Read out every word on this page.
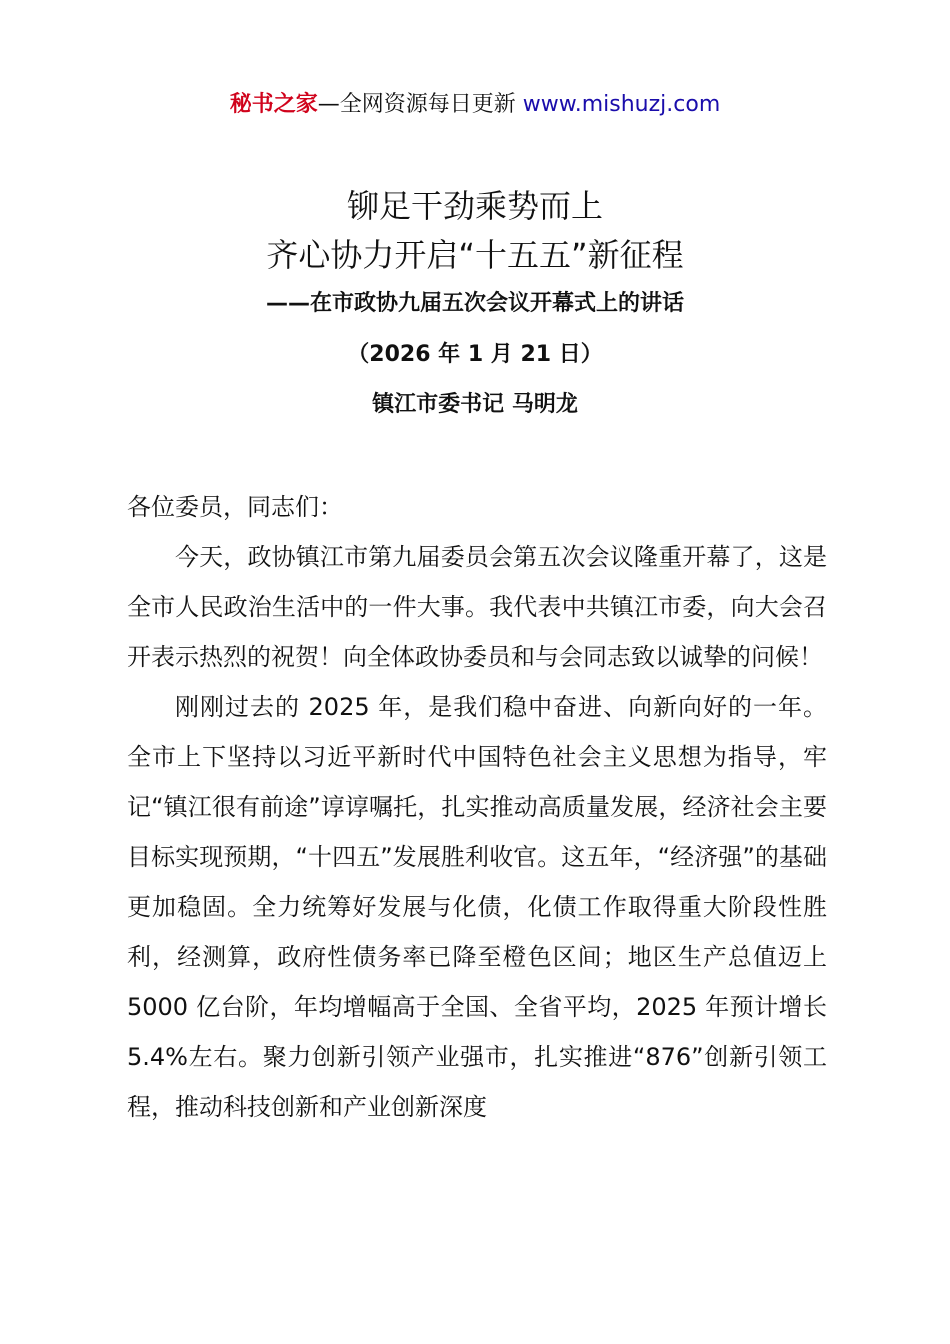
秘书之家—全网资源每日更新 www.mishuzj.com
铆足干劲乘势而上
齐心协力开启“十五五”新征程
——在市政协九届五次会议开幕式上的讲话
（2026 年 1 月 21 日）
镇江市委书记 马明龙

各位委员，同志们：

今天，政协镇江市第九届委员会第五次会议隆重开幕了，这是全市人民政治生活中的一件大事。我代表中共镇江市委，向大会召开表示热烈的祝贺！向全体政协委员和与会同志致以诚挚的问候！

刚刚过去的 2025 年，是我们稳中奋进、向新向好的一年。全市上下坚持以习近平新时代中国特色社会主义思想为指导，牢记“镇江很有前途”谆谆嘱托，扎实推动高质量发展，经济社会主要目标实现预期，“十四五”发展胜利收官。这五年，“经济强”的基础更加稳固。全力统筹好发展与化债，化债工作取得重大阶段性胜利，经测算，政府性债务率已降至橙色区间；地区生产总值迈上 5000 亿台阶，年均增幅高于全国、全省平均，2025 年预计增长 5.4%左右。聚力创新引领产业强市，扎实推进“876”创新引领工程，推动科技创新和产业创新深度
